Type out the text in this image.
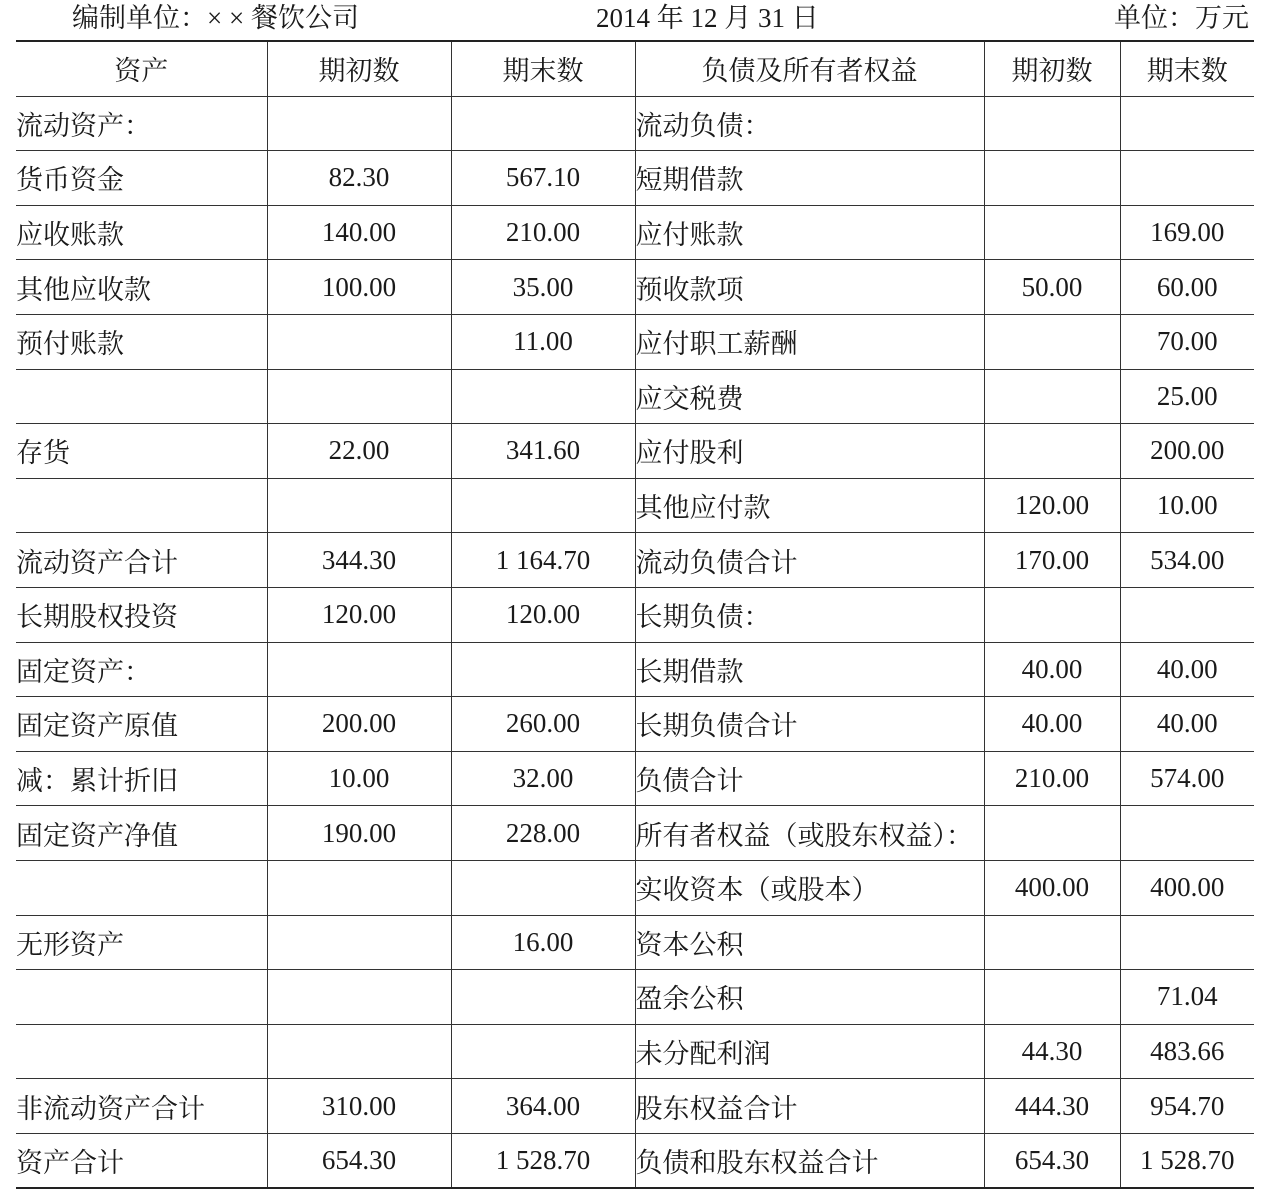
编制单位：× × 餐饮公司	2014 年 12 月 31 日	单位：万元
资产	期初数	期末数	负债及所有者权益	期初数	期末数
流动资产：			流动负债：		
货币资金	82.30	567.10	短期借款		
应收账款	140.00	210.00	应付账款		169.00
其他应收款	100.00	35.00	预收款项	50.00	60.00
预付账款		11.00	应付职工薪酬		70.00
			应交税费		25.00
存货	22.00	341.60	应付股利		200.00
			其他应付款	120.00	10.00
流动资产合计	344.30	1 164.70	流动负债合计	170.00	534.00
长期股权投资	120.00	120.00	长期负债：		
固定资产：			长期借款	40.00	40.00
固定资产原值	200.00	260.00	长期负债合计	40.00	40.00
减：累计折旧	10.00	32.00	负债合计	210.00	574.00
固定资产净值	190.00	228.00	所有者权益（或股东权益）：		
			实收资本（或股本）	400.00	400.00
无形资产		16.00	资本公积		
			盈余公积		71.04
			未分配利润	44.30	483.66
非流动资产合计	310.00	364.00	股东权益合计	444.30	954.70
资产合计	654.30	1 528.70	负债和股东权益合计	654.30	1 528.70
